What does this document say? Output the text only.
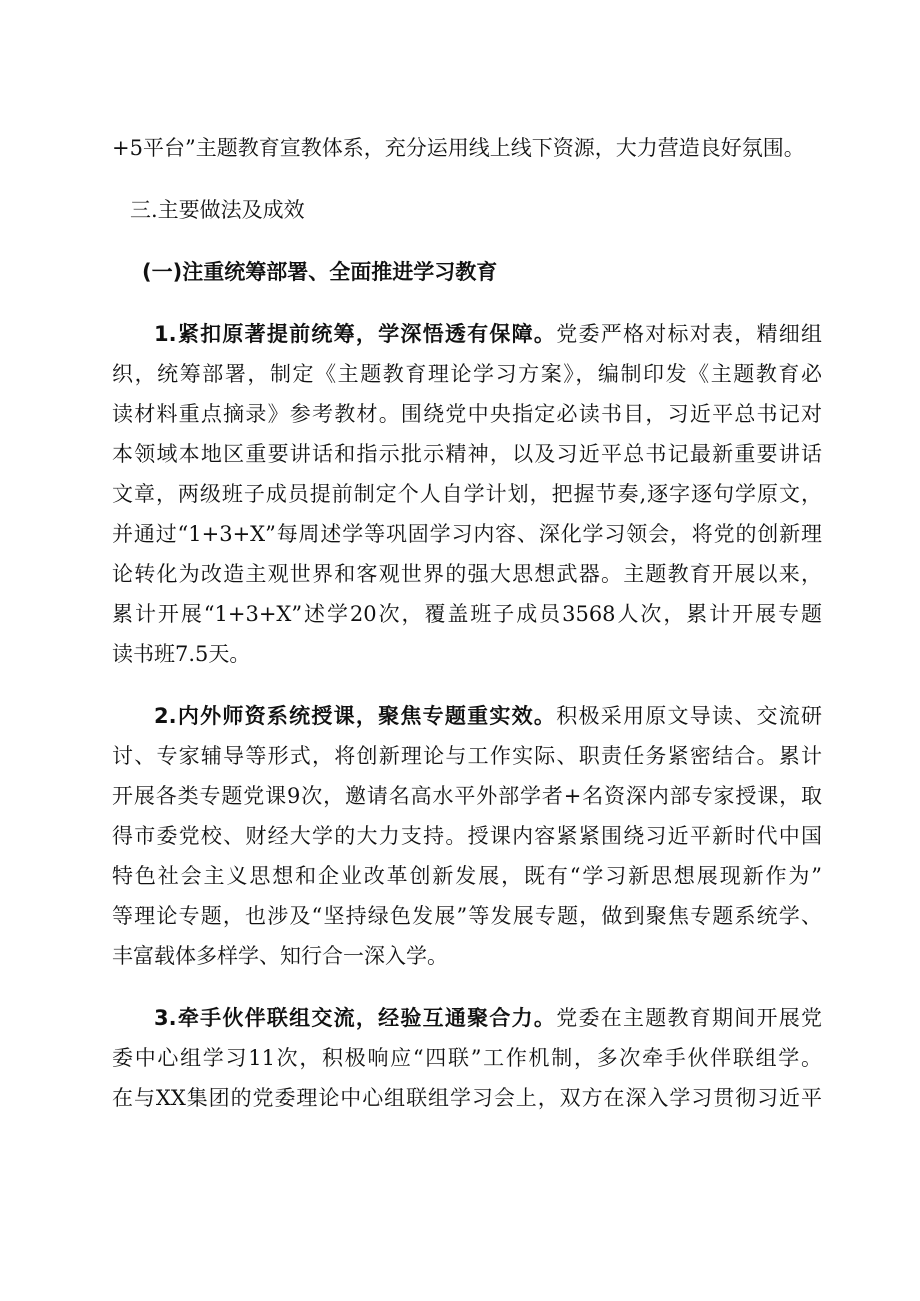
+5平台”主题教育宣教体系，充分运用线上线下资源，大力营造良好氛围。
三.主要做法及成效
(一)注重统筹部署、全面推进学习教育
1.紧扣原著提前统筹，学深悟透有保障。党委严格对标对表，精细组
织，统筹部署，制定《主题教育理论学习方案》，编制印发《主题教育必
读材料重点摘录》参考教材。围绕党中央指定必读书目，习近平总书记对
本领域本地区重要讲话和指示批示精神，以及习近平总书记最新重要讲话
文章，两级班子成员提前制定个人自学计划，把握节奏,逐字逐句学原文，
并通过“1+3+X”每周述学等巩固学习内容、深化学习领会，将党的创新理
论转化为改造主观世界和客观世界的强大思想武器。主题教育开展以来，
累计开展“1+3+X”述学20次，覆盖班子成员3568人次，累计开展专题
读书班7.5天。
2.内外师资系统授课，聚焦专题重实效。积极采用原文导读、交流研
讨、专家辅导等形式，将创新理论与工作实际、职责任务紧密结合。累计
开展各类专题党课9次，邀请名高水平外部学者+名资深内部专家授课，取
得市委党校、财经大学的大力支持。授课内容紧紧围绕习近平新时代中国
特色社会主义思想和企业改革创新发展，既有“学习新思想展现新作为”
等理论专题，也涉及“坚持绿色发展”等发展专题，做到聚焦专题系统学、
丰富载体多样学、知行合一深入学。
3.牵手伙伴联组交流，经验互通聚合力。党委在主题教育期间开展党
委中心组学习11次，积极响应“四联”工作机制，多次牵手伙伴联组学。
在与XX集团的党委理论中心组联组学习会上，双方在深入学习贯彻习近平
